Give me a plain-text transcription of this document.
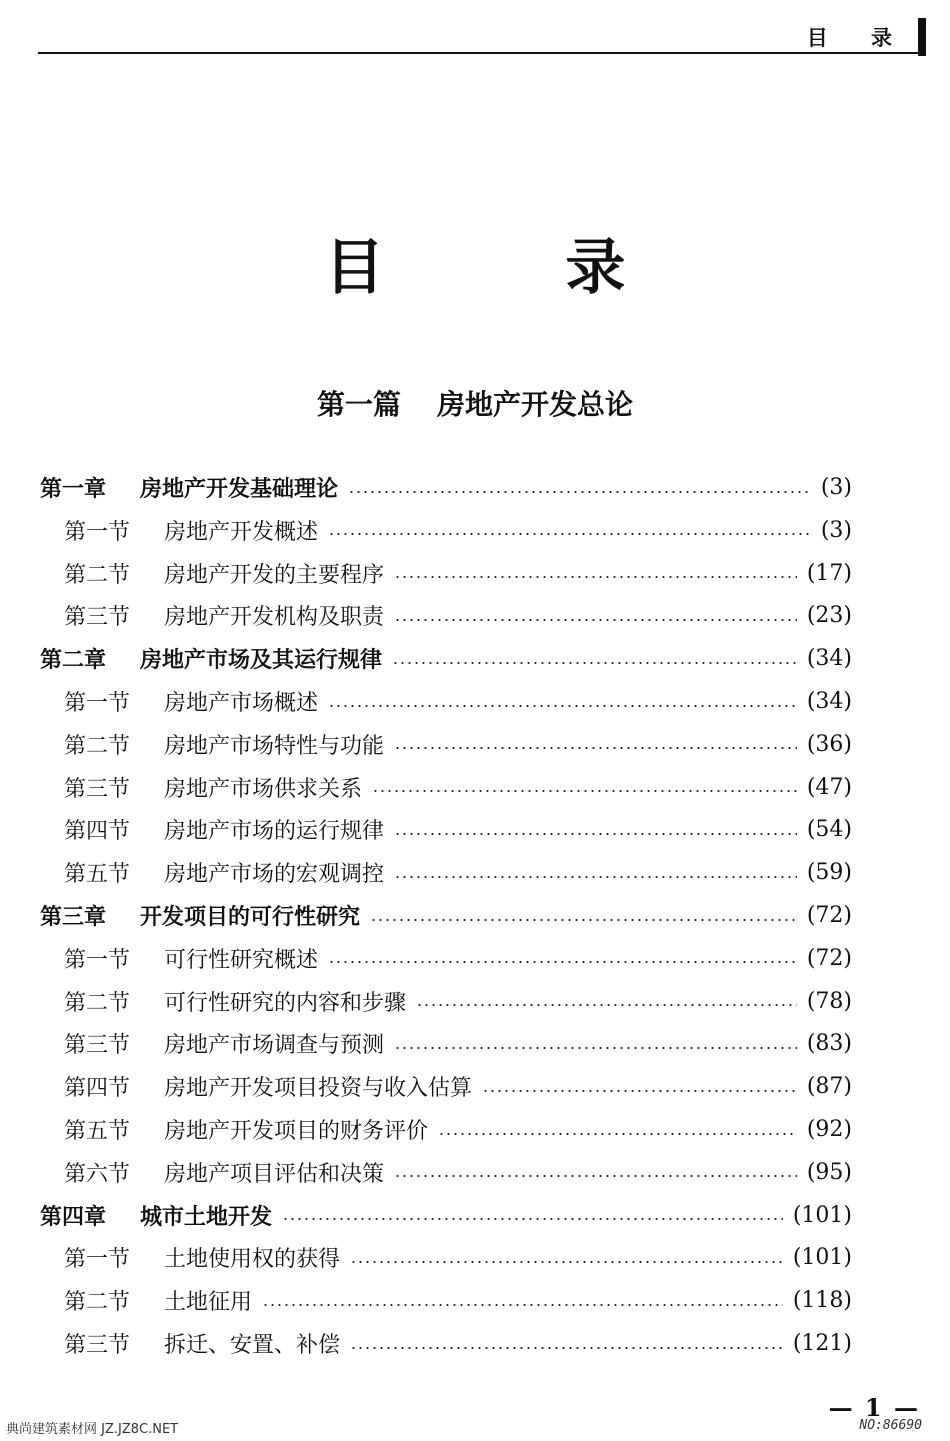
目 录
目 录
第一篇 房地产开发总论
第一章	房地产开发基础理论	(3)
第一节	房地产开发概述	(3)
第二节	房地产开发的主要程序	(17)
第三节	房地产开发机构及职责	(23)
第二章	房地产市场及其运行规律	(34)
第一节	房地产市场概述	(34)
第二节	房地产市场特性与功能	(36)
第三节	房地产市场供求关系	(47)
第四节	房地产市场的运行规律	(54)
第五节	房地产市场的宏观调控	(59)
第三章	开发项目的可行性研究	(72)
第一节	可行性研究概述	(72)
第二节	可行性研究的内容和步骤	(78)
第三节	房地产市场调查与预测	(83)
第四节	房地产开发项目投资与收入估算	(87)
第五节	房地产开发项目的财务评价	(92)
第六节	房地产项目评估和决策	(95)
第四章	城市土地开发	(101)
第一节	土地使用权的获得	(101)
第二节	土地征用	(118)
第三节	拆迁、安置、补偿	(121)
— 1 —
典尚建筑素材网 JZ.JZ8C.NET	NO:86690
